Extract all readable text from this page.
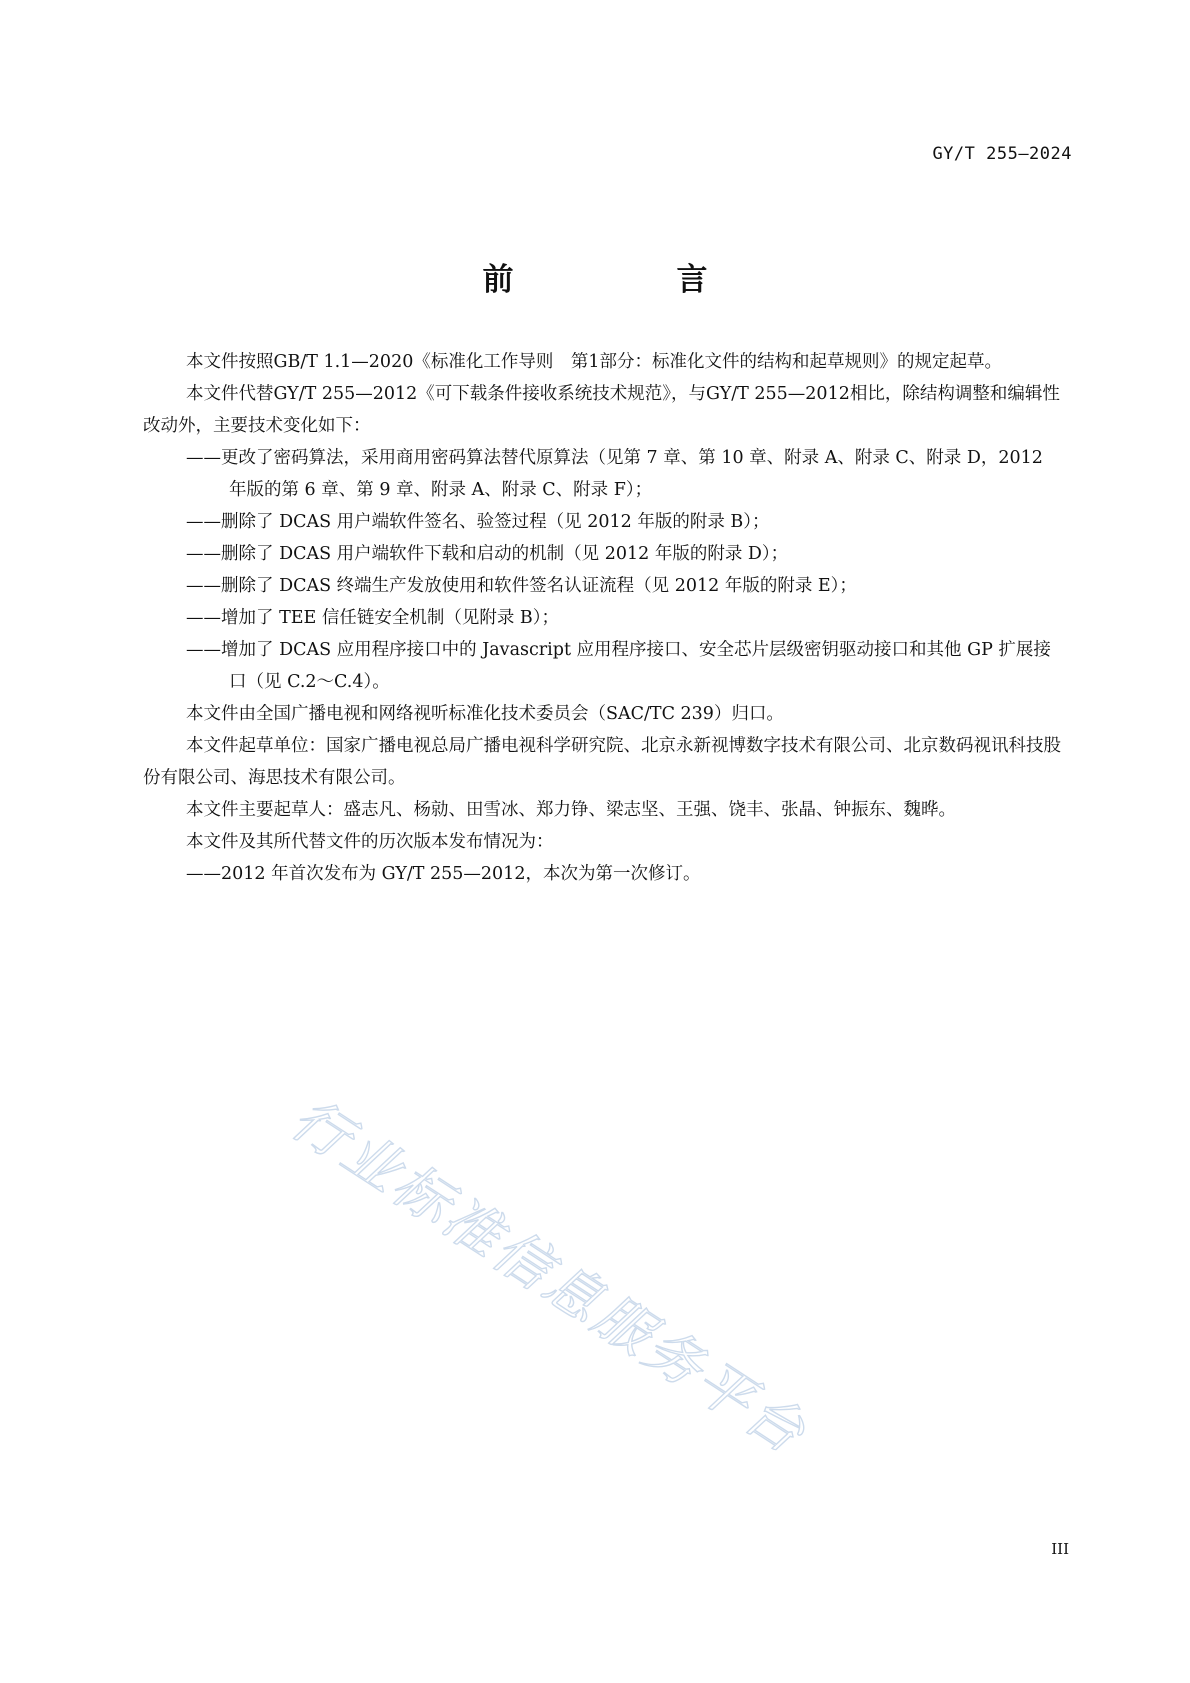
行业标准信息服务平台
GY/T 255—2024
前　言

本文件按照GB/T 1.1—2020《标准化工作导则　第1部分：标准化文件的结构和起草规则》的规定起草。

本文件代替GY/T 255—2012《可下载条件接收系统技术规范》，与GY/T 255—2012相比，除结构调整和编辑性改动外，主要技术变化如下：

——更改了密码算法，采用商用密码算法替代原算法（见第 7 章、第 10 章、附录 A、附录 C、附录 D，2012 年版的第 6 章、第 9 章、附录 A、附录 C、附录 F）；

——删除了 DCAS 用户端软件签名、验签过程（见 2012 年版的附录 B）；

——删除了 DCAS 用户端软件下载和启动的机制（见 2012 年版的附录 D）；

——删除了 DCAS 终端生产发放使用和软件签名认证流程（见 2012 年版的附录 E）；

——增加了 TEE 信任链安全机制（见附录 B）；

——增加了 DCAS 应用程序接口中的 Javascript 应用程序接口、安全芯片层级密钥驱动接口和其他 GP 扩展接口（见 C.2～C.4）。

本文件由全国广播电视和网络视听标准化技术委员会（SAC/TC 239）归口。

本文件起草单位：国家广播电视总局广播电视科学研究院、北京永新视博数字技术有限公司、北京数码视讯科技股份有限公司、海思技术有限公司。

本文件主要起草人：盛志凡、杨勍、田雪冰、郑力铮、梁志坚、王强、饶丰、张晶、钟振东、魏晔。

本文件及其所代替文件的历次版本发布情况为：

——2012 年首次发布为 GY/T 255—2012，本次为第一次修订。

III
